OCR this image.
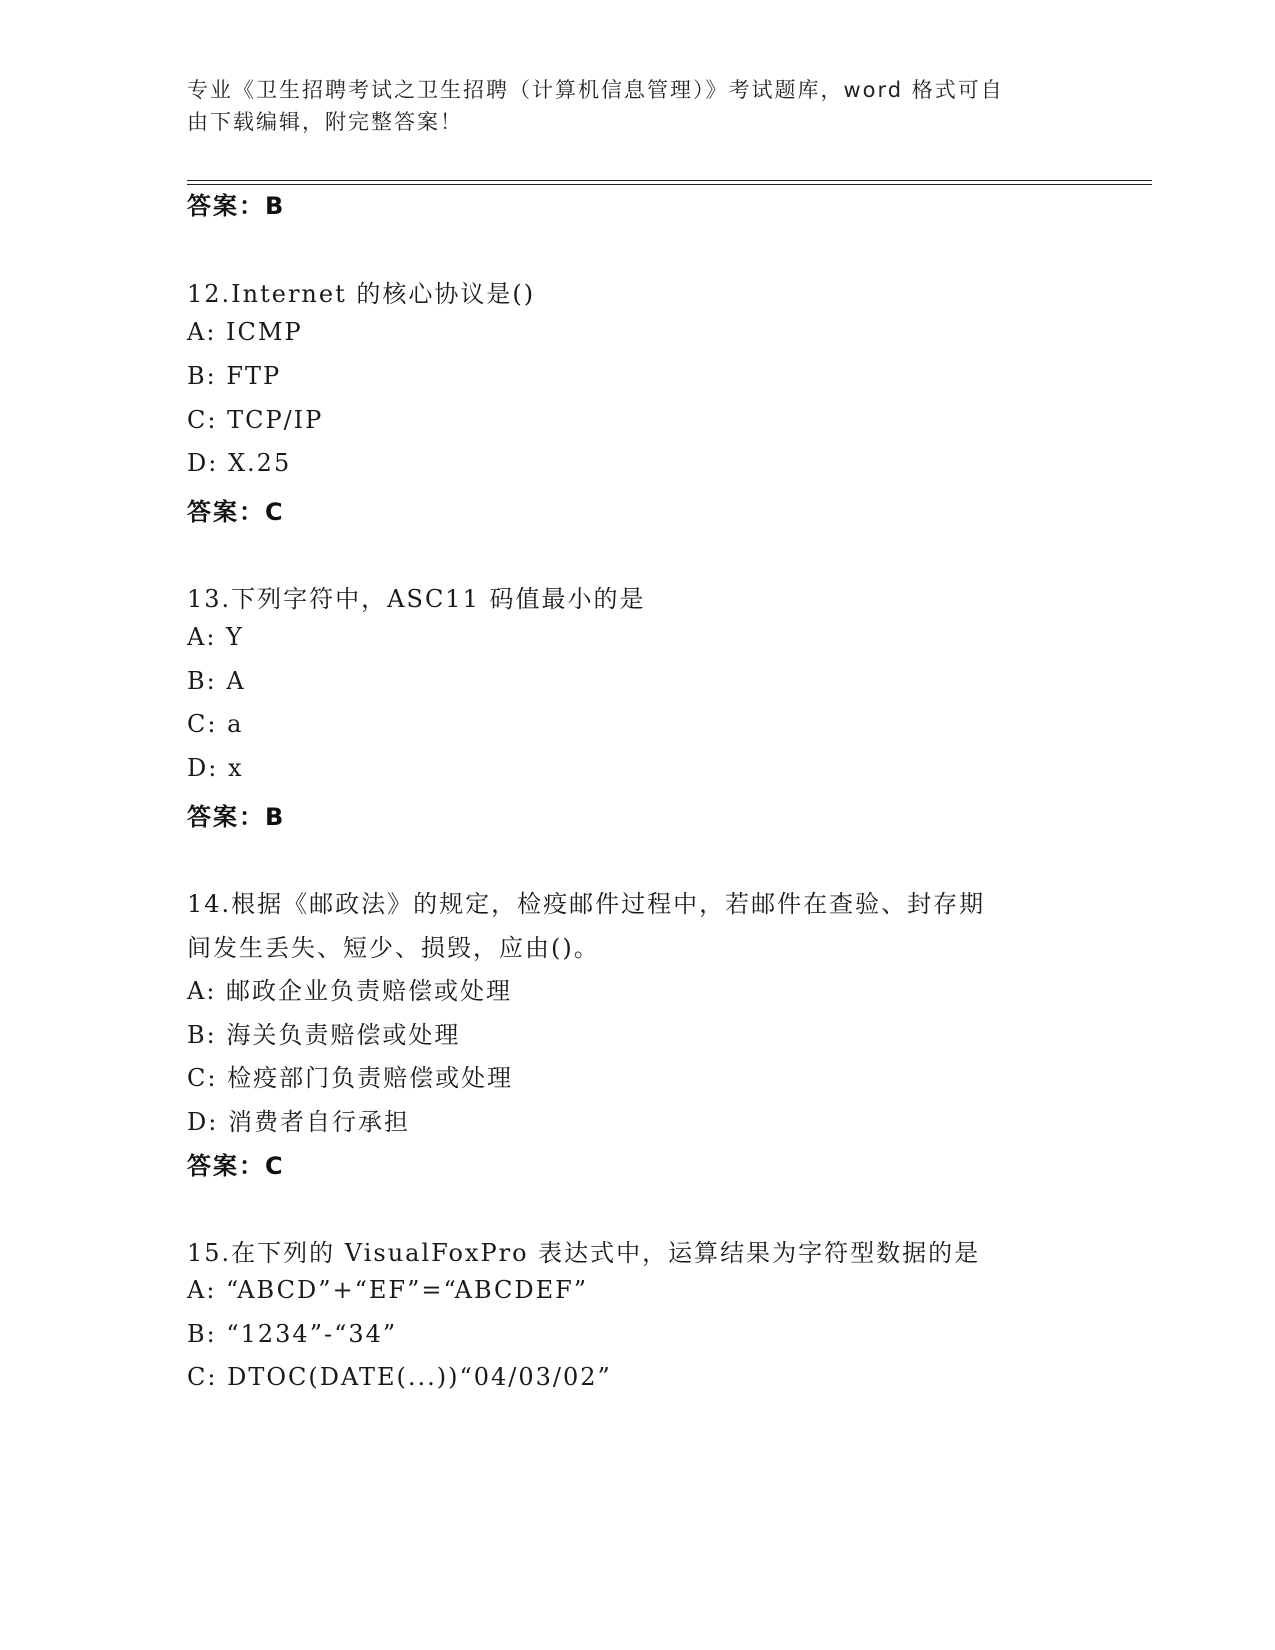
专业《卫生招聘考试之卫生招聘（计算机信息管理）》考试题库，word 格式可自
由下载编辑，附完整答案！
答案：B
12.Internet 的核心协议是()
A: ICMP
B: FTP
C: TCP/IP
D: X.25
答案：C
13.下列字符中，ASC11 码值最小的是
A: Y
B: A
C: a
D: x
答案：B
14.根据《邮政法》的规定，检疫邮件过程中，若邮件在查验、封存期
间发生丢失、短少、损毁，应由()。
A: 邮政企业负责赔偿或处理
B: 海关负责赔偿或处理
C: 检疫部门负责赔偿或处理
D: 消费者自行承担
答案：C
15.在下列的 VisualFoxPro 表达式中，运算结果为字符型数据的是
A: “ABCD”+“EF”=“ABCDEF”
B: “1234”-“34”
C: DTOC(DATE(...))“04/03/02”
